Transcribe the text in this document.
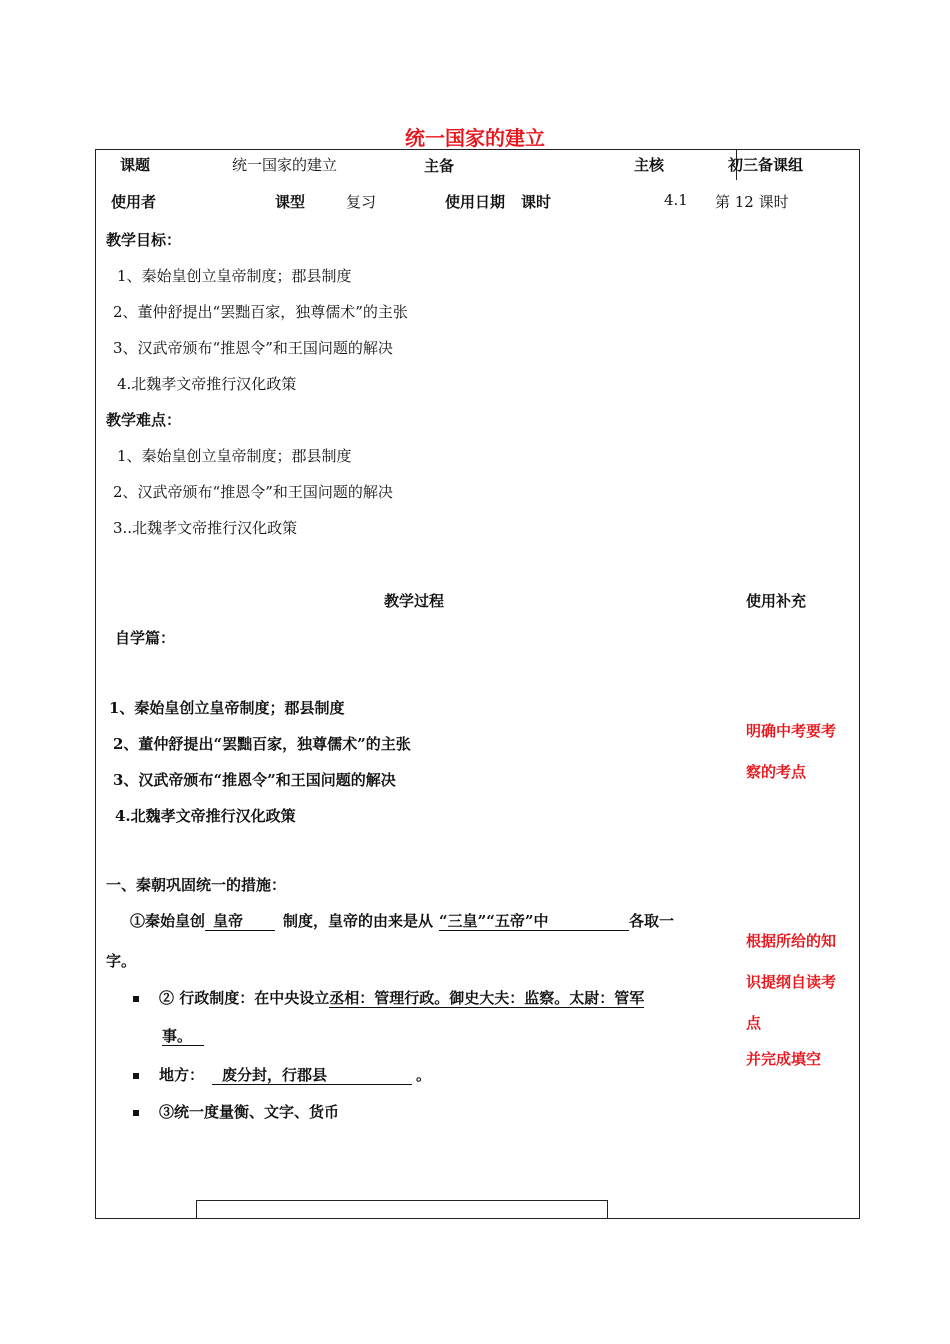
统一国家的建立
课题	统一国家的建立	主备	主核	初三备课组
使用者	课型	复习	使用日期 课时	4.1 第 12 课时
教学目标：
1、秦始皇创立皇帝制度；郡县制度
2、董仲舒提出“罢黜百家，独尊儒术”的主张
3、汉武帝颁布“推恩令”和王国问题的解决
4.北魏孝文帝推行汉化政策
教学难点：
1、秦始皇创立皇帝制度；郡县制度
2、汉武帝颁布“推恩令”和王国问题的解决
3..北魏孝文帝推行汉化政策
教学过程	使用补充
自学篇：
1、秦始皇创立皇帝制度；郡县制度
2、董仲舒提出“罢黜百家，独尊儒术”的主张
3、汉武帝颁布“推恩令”和王国问题的解决
4.北魏孝文帝推行汉化政策
明确中考要考
察的考点
根据所给的知
识提纲自读考
点
并完成填空
一、秦朝巩固统一的措施：
①秦始皇创 皇帝	制度，皇帝的由来是从 “三皇”“五帝”中	各取一
字。
② 行政制度：在中央设立丞相：管理行政。御史大夫：监察。太尉：管军
事。
地方： 废分封，行郡县	。
③统一度量衡、文字、货币
